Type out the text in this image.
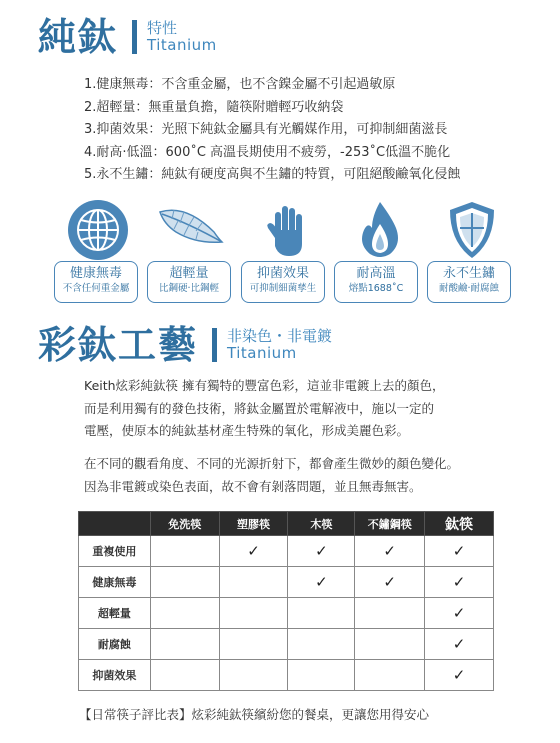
純鈦 特性
Titanium
1.健康無毒：不含重金屬，也不含鎳金屬不引起過敏原
2.超輕量：無重量負擔，隨筷附贈輕巧收納袋
3.抑菌效果：光照下純鈦金屬具有光觸媒作用，可抑制細菌滋長
4.耐高‧低溫：600˚C 高溫長期使用不疲勞，-253˚C低溫不脆化
5.永不生鏽：純鈦有硬度高與不生鏽的特質，可阻絕酸鹼氧化侵蝕
健康無毒
不含任何重金屬
超輕量
比鋼硬‧比鋼輕
抑菌效果
可抑制細菌孳生
耐高溫
熔點1688˚C
永不生鏽
耐酸鹼‧耐腐蝕
彩鈦工藝 非染色・非電鍍
Titanium
Keith炫彩純鈦筷 擁有獨特的豐富色彩，這並非電鍍上去的顏色，
而是利用獨有的發色技術，將鈦金屬置於電解液中，施以一定的
電壓，使原本的純鈦基材產生特殊的氧化，形成美麗色彩。
在不同的觀看角度、不同的光源折射下，都會產生微妙的顏色變化。
因為非電鍍或染色表面，故不會有剝落問題，並且無毒無害。
	免洗筷	塑膠筷	木筷	不鏽鋼筷	鈦筷
重複使用		✓	✓	✓	✓
健康無毒			✓	✓	✓
超輕量					✓
耐腐蝕					✓
抑菌效果					✓

【日常筷子評比表】炫彩純鈦筷繽紛您的餐桌，更讓您用得安心
